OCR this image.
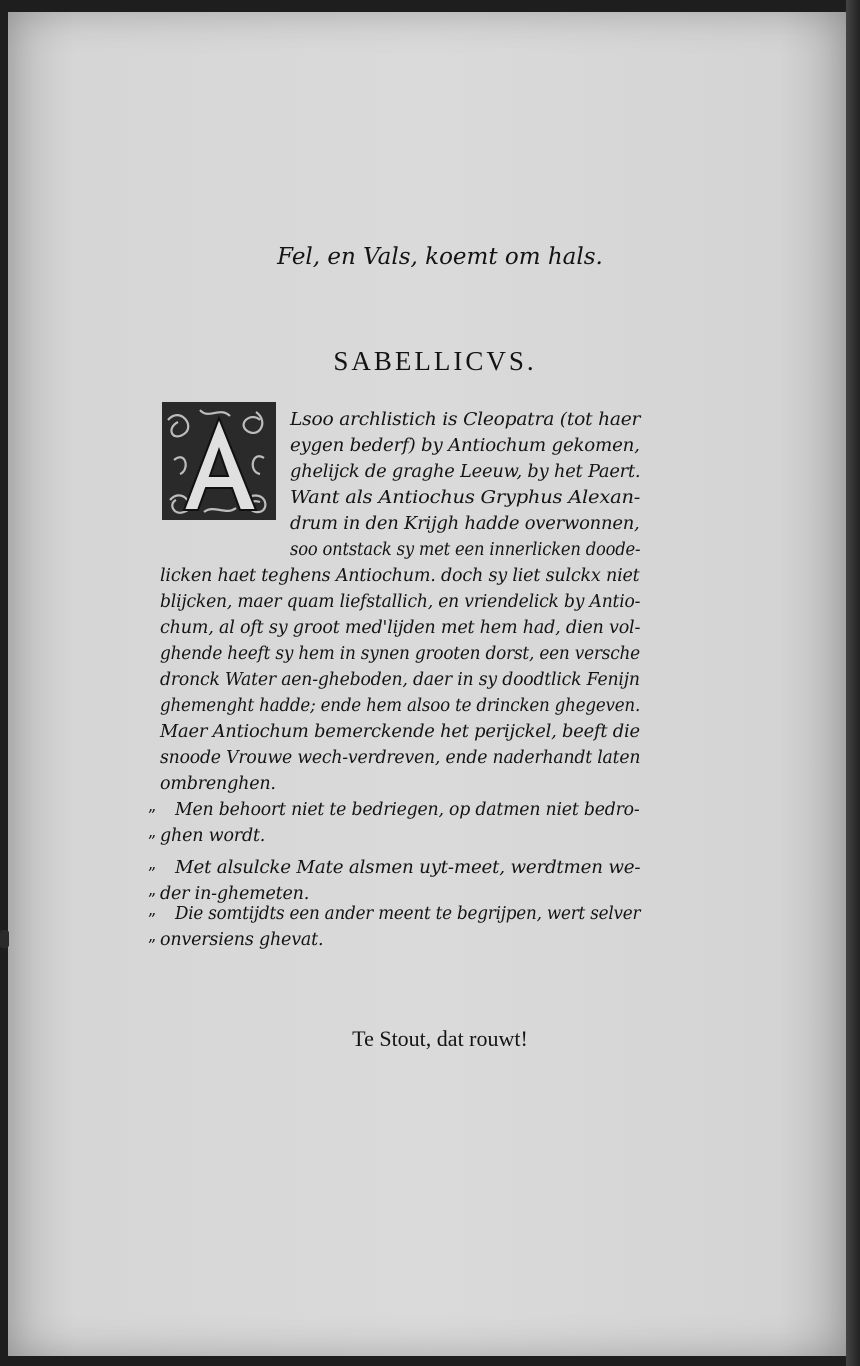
Fel, en Vals, koemt om hals.
SABELLICVS.
Lsoo archlistich is Cleopatra (tot haer
eygen bederf) by Antiochum gekomen,
ghelijck de graghe Leeuw, by het Paert.
Want als Antiochus Gryphus Alexan-
drum in den Krijgh hadde overwonnen,
soo ontstack sy met een innerlicken doode-
licken haet teghens Antiochum. doch sy liet sulckx niet
blijcken, maer quam liefstallich, en vriendelick by Antio-
chum, al oft sy groot med'lijden met hem had, dien vol-
ghende heeft sy hem in synen grooten dorst, een versche
dronck Water aen-gheboden, daer in sy doodtlick Fenijn
ghemenght hadde; ende hem alsoo te drincken ghegeven.
Maer Antiochum bemerckende het perijckel, beeft die
snoode Vrouwe wech-verdreven, ende naderhandt laten
ombrenghen.
„ Men behoort niet te bedriegen, op datmen niet bedro-
„ ghen wordt.
„ Met alsulcke Mate alsmen uyt-meet, werdtmen we-
„ der in-ghemeten.
„ Die somtijdts een ander meent te begrijpen, wert selver
„ onversiens ghevat.
Te Stout, dat rouwt!
